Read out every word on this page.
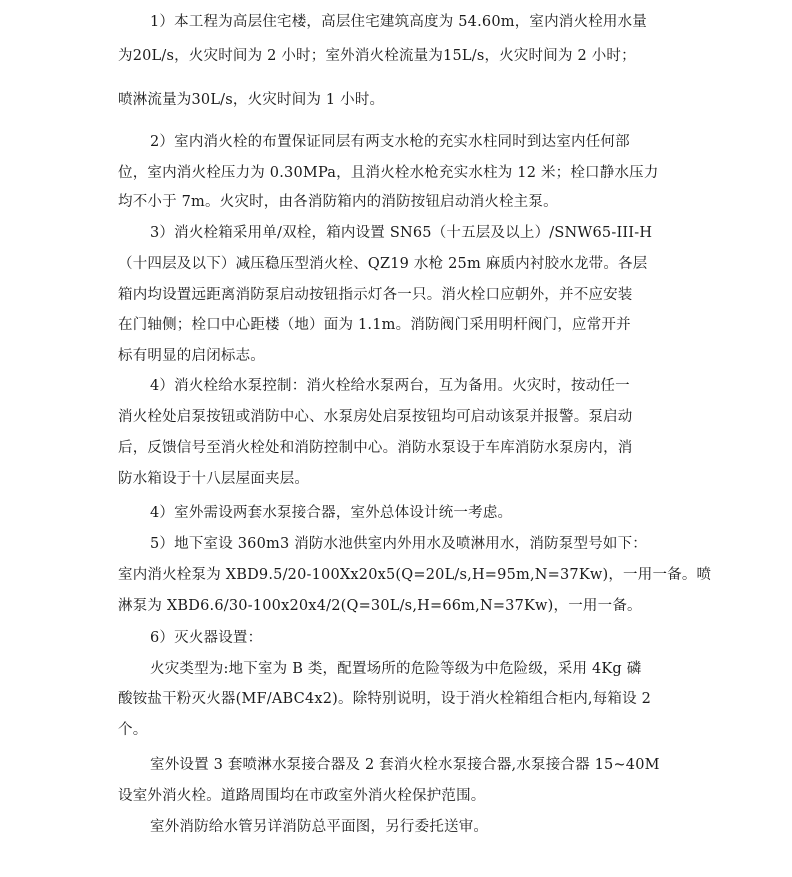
1）本工程为高层住宅楼，高层住宅建筑高度为 54.60m，室内消火栓用水量
为20L/s，火灾时间为 2 小时；室外消火栓流量为15L/s，火灾时间为 2 小时；
喷淋流量为30L/s，火灾时间为 1 小时。
2）室内消火栓的布置保证同层有两支水枪的充实水柱同时到达室内任何部
位，室内消火栓压力为 0.30MPa，且消火栓水枪充实水柱为 12 米；栓口静水压力
均不小于 7m。火灾时，由各消防箱内的消防按钮启动消火栓主泵。
3）消火栓箱采用单/双栓，箱内设置 SN65（十五层及以上）/SNW65-III-H
（十四层及以下）减压稳压型消火栓、QZ19 水枪 25m 麻质内衬胶水龙带。各层
箱内均设置远距离消防泵启动按钮指示灯各一只。消火栓口应朝外，并不应安装
在门轴侧；栓口中心距楼（地）面为 1.1m。消防阀门采用明杆阀门，应常开并
标有明显的启闭标志。
4）消火栓给水泵控制：消火栓给水泵两台，互为备用。火灾时，按动任一
消火栓处启泵按钮或消防中心、水泵房处启泵按钮均可启动该泵并报警。泵启动
后，反馈信号至消火栓处和消防控制中心。消防水泵设于车库消防水泵房内，消
防水箱设于十八层屋面夹层。
4）室外需设两套水泵接合器，室外总体设计统一考虑。
5）地下室设 360m3 消防水池供室内外用水及喷淋用水，消防泵型号如下：
室内消火栓泵为 XBD9.5/20-100Xx20x5(Q=20L/s,H=95m,N=37Kw)，一用一备。喷
淋泵为 XBD6.6/30-100x20x4/2(Q=30L/s,H=66m,N=37Kw)，一用一备。
6）灭火器设置：
火灾类型为:地下室为 B 类，配置场所的危险等级为中危险级，采用 4Kg 磷
酸铵盐干粉灭火器(MF/ABC4x2)。除特别说明，设于消火栓箱组合柜内,每箱设 2
个。
室外设置 3 套喷淋水泵接合器及 2 套消火栓水泵接合器,水泵接合器 15~40M
设室外消火栓。道路周围均在市政室外消火栓保护范围。
室外消防给水管另详消防总平面图，另行委托送审。
